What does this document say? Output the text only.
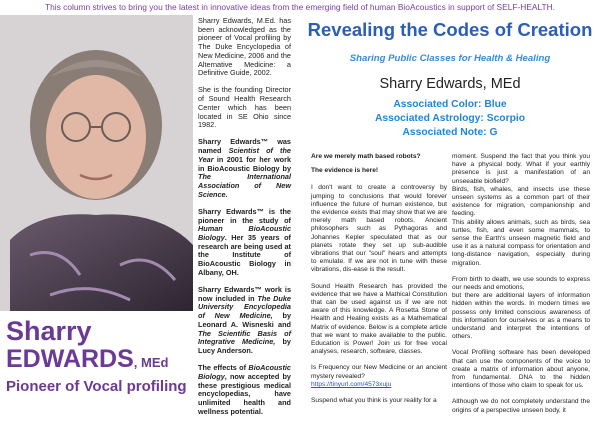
This column strives to bring you the latest in innovative ideas from the emerging field of human BioAcoustics in support of SELF-HEALTH.
Sharry
EDWARDS, MEd
Pioneer of Vocal profiling

Sharry Edwards, M.Ed. has been acknowledged as the pioneer of Vocal profiling by The Duke Encyclopedia of New Medicine, 2006 and the Alternative Medicine: a Definitive Guide, 2002.

She is the founding Director of Sound Health Research Center which has been located in SE Ohio since 1982.

Sharry Edwards™ was named Scientist of the Year in 2001 for her work in BioAcoustic Biology by The International Association of New Science.

Sharry Edwards™ is the pioneer in the study of Human BioAcoustic Biology. Her 35 years of research are being used at the Institute of BioAcoustic Biology in Albany, OH.

Sharry Edwards™ work is now included in The Duke University Encyclopedia of New Medicine, by Leonard A. Wisneski and The Scientific Basis of Integrative Medicine, by Lucy Anderson.

The effects of BioAcoustic Biology, now accepted by these prestigious medical encyclopedias, have unlimited health and wellness potential.

Revealing the Codes of Creation
Sharing Public Classes for Health & Healing
Sharry Edwards, MEd
Associated Color: Blue
Associated Astrology: Scorpio
Associated Note: G

Are we merely math based robots?

The evidence is here!

I don't want to create a controversy by jumping to conclusions that would forever influence the future of human existence, but the evidence exists that may show that we are merely math based robots. Ancient philosophers such as Pythagoras and Johannes Kepler speculated that as our planets rotate they set up sub-audible vibrations that our "soul" hears and attempts to emulate. If we are not in tune with these vibrations, dis-ease is the result.

Sound Health Research has provided the evidence that we have a Mathical Constitution that can be used against us if we are not aware of this knowledge. A Rosetta Stone of Health and Healing exists as a Mathematical Matrix of evidence. Below is a complete article that we want to make available to the public. Education is Power! Join us for free vocal analyses, research, software, classes.

Is Frequency our New Medicine or an ancient mystery revealed?
https://tinyurl.com/4573xuju

Suspend what you think is your reality for a

moment. Suspend the fact that you think you have a physical body. What if your earthly presence is just a manifestation of an unseeable biofield?

Birds, fish, whales, and insects use these unseen systems as a common part of their existence for migration, companionship and feeding.

This ability allows animals, such as birds, sea turtles, fish, and even some mammals, to sense the Earth's unseen magnetic field and use it as a natural compass for orientation and long-distance navigation, especially during migration.

From birth to death, we use sounds to express our needs and emotions,

but there are additional layers of information hidden within the words. In modern times we possess only limited conscious awareness of this information for ourselves or as a means to understand and interpret the intentions of others.

Vocal Profiling software has been developed that can use the components of the voice to create a matrix of information about anyone, from fundamental. DNA to the hidden intentions of those who claim to speak for us.

Although we do not completely understand the origins of a perspective unseen body, it
